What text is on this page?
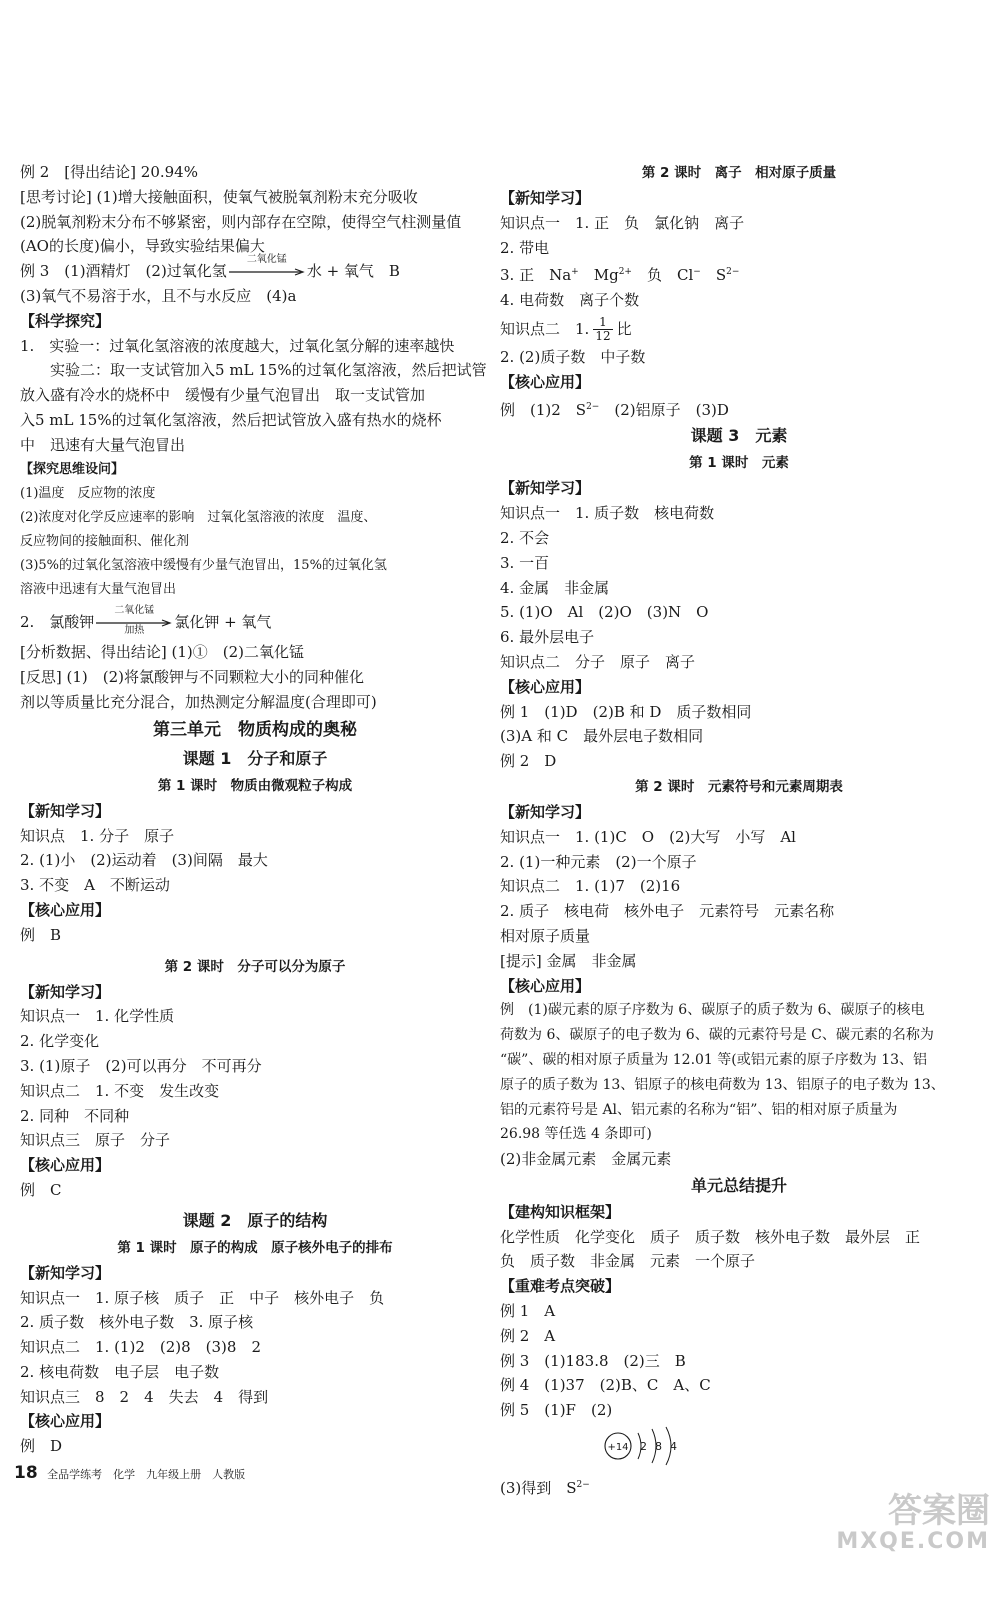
例 2　[得出结论] 20.94%
[思考讨论] (1)增大接触面积，使氧气被脱氧剂粉末充分吸收
(2)脱氧剂粉末分布不够紧密，则内部存在空隙，使得空气柱测量值
(AO的长度)偏小，导致实验结果偏大
例 3　(1)酒精灯　(2)过氧化氢
二氧化锰
水 + 氧气　B
(3)氧气不易溶于水，且不与水反应　(4)a
【科学探究】
1.　实验一：过氧化氢溶液的浓度越大，过氧化氢分解的速率越快
　　实验二：取一支试管加入5 mL 15%的过氧化氢溶液，然后把试管
放入盛有冷水的烧杯中　缓慢有少量气泡冒出　取一支试管加
入5 mL 15%的过氧化氢溶液，然后把试管放入盛有热水的烧杯
中　迅速有大量气泡冒出
【探究思维设问】
(1)温度　反应物的浓度
(2)浓度对化学反应速率的影响　过氧化氢溶液的浓度　温度、
反应物间的接触面积、催化剂
(3)5%的过氧化氢溶液中缓慢有少量气泡冒出，15%的过氧化氢
溶液中迅速有大量气泡冒出
2.　氯酸钾
二氧化锰
加热	氯化钾 + 氧气
[分析数据、得出结论] (1)①　(2)二氧化锰
[反思] (1)　(2)将氯酸钾与不同颗粒大小的同种催化
剂以等质量比充分混合，加热测定分解温度(合理即可)
第三单元　物质构成的奥秘
课题 1　分子和原子
第 1 课时　物质由微观粒子构成
【新知学习】
知识点　1. 分子　原子
2. (1)小　(2)运动着　(3)间隔　最大
3. 不变　A　不断运动
【核心应用】
例　B
第 2 课时　分子可以分为原子
【新知学习】
知识点一　1. 化学性质
2. 化学变化
3. (1)原子　(2)可以再分　不可再分
知识点二　1. 不变　发生改变
2. 同种　不同种
知识点三　原子　分子
【核心应用】
例　C
课题 2　原子的结构
第 1 课时　原子的构成　原子核外电子的排布
【新知学习】
知识点一　1. 原子核　质子　正　中子　核外电子　负
2. 质子数　核外电子数　3. 原子核
知识点二　1. (1)2　(2)8　(3)8　2
2. 核电荷数　电子层　电子数
知识点三　8　2　4　失去　4　得到
【核心应用】
例　D
第 2 课时　离子　相对原子质量
【新知学习】
知识点一　1. 正　负　氯化钠　离子
2. 带电
3. 正　Na+　 $Mg^{2+}$　 负　Cl−　 $S^{2-}$
4. 电荷数　离子个数
知识点二　1. $\frac{1}{12}$ 比
2. (2)质子数　中子数
【核心应用】
例　(1)2　$S^{2-}$　 (2)铝原子　(3)D
课题 3　元素
第 1 课时　元素
【新知学习】
知识点一　1. 质子数　核电荷数
2. 不会
3. 一百
4. 金属　非金属
5. (1)O　Al　(2)O　(3)N　O
6. 最外层电子
知识点二　分子　原子　离子
【核心应用】
例 1　(1)D　(2)B 和 D　质子数相同
(3)A 和 C　最外层电子数相同
例 2　D
第 2 课时　元素符号和元素周期表
【新知学习】
知识点一　1. (1)C　O　(2)大写　小写　Al
2. (1)一种元素　(2)一个原子
知识点二　1. (1)7　(2)16
2. 质子　核电荷　核外电子　元素符号　元素名称
相对原子质量
[提示] 金属　非金属
【核心应用】
例　(1)碳元素的原子序数为 6、碳原子的质子数为 6、碳原子的核电
荷数为 6、碳原子的电子数为 6、碳的元素符号是 C、碳元素的名称为
“碳”、碳的相对原子质量为 12.01 等(或铝元素的原子序数为 13、铝
原子的质子数为 13、铝原子的核电荷数为 13、铝原子的电子数为 13、
铝的元素符号是 Al、铝元素的名称为“铝”、铝的相对原子质量为
26.98 等任选 4 条即可)
(2)非金属元素　金属元素
单元总结提升
【建构知识框架】
化学性质　化学变化　质子　质子数　核外电子数　最外层　正
负　质子数　非金属　元素　一个原子
【重难考点突破】
例 1　A
例 2　A
例 3　(1)183.8　(2)三　B
例 4　(1)37　(2)B、C　A、C
例 5　(1)F　(2)
+14 2 8 4
(3)得到　$S^{2-}$
18 全品学练考　化学　九年级上册　人教版
答案圈
MXQE.COM
